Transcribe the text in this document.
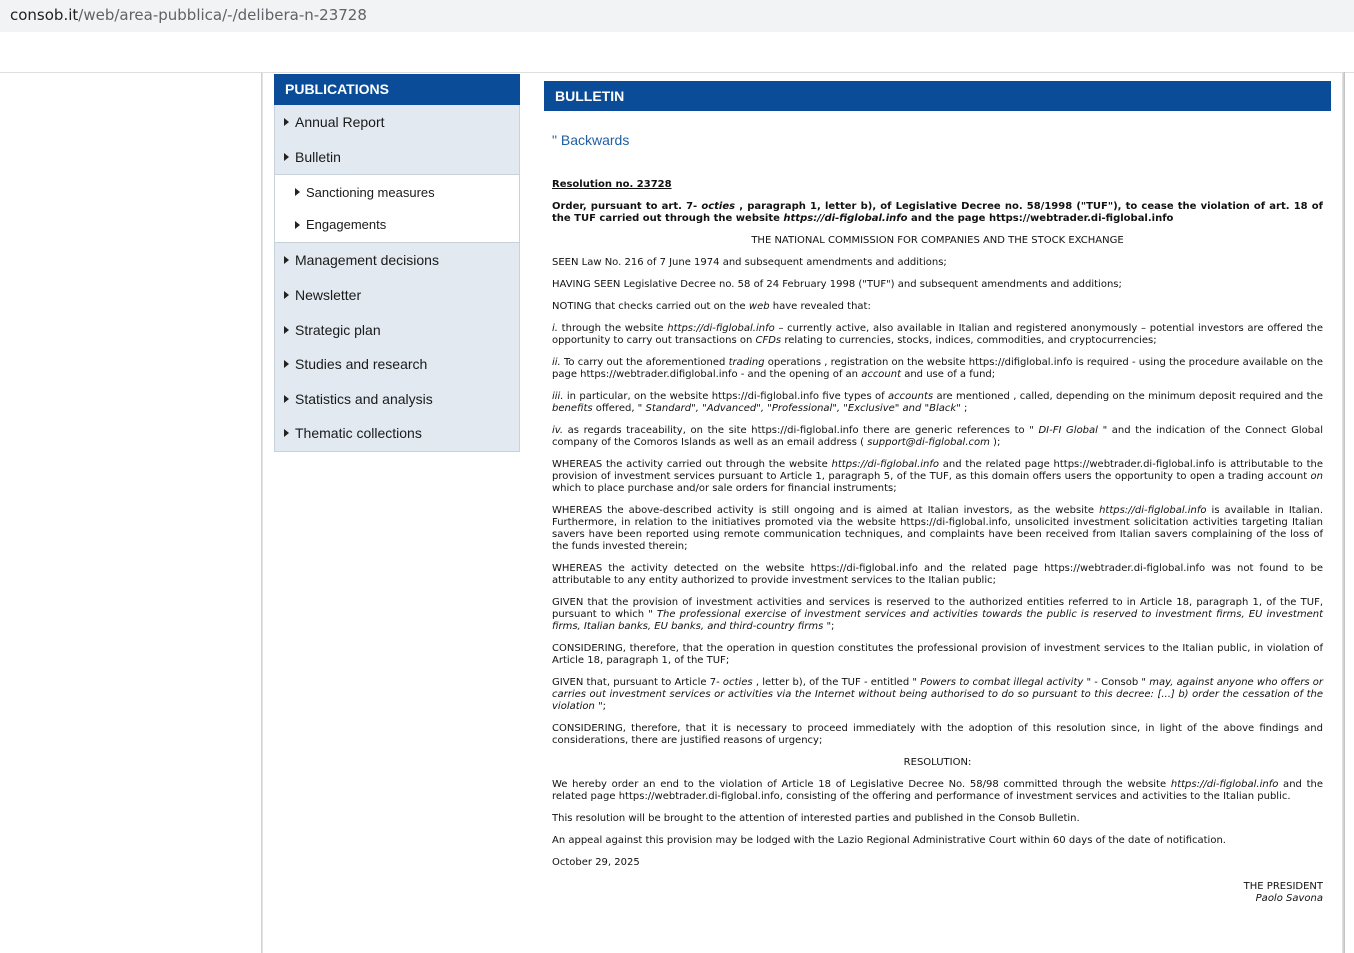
consob.it/web/area-pubblica/-/delibera-n-23728
PUBLICATIONS
Annual Report
Bulletin
Sanctioning measures
Engagements
Management decisions
Newsletter
Strategic plan
Studies and research
Statistics and analysis
Thematic collections
BULLETIN
" Backwards

Resolution no. 23728

Order, pursuant to art. 7- octies , paragraph 1, letter b), of Legislative Decree no. 58/1998 ("TUF"), to cease the violation of art. 18 of the TUF carried out through the website https://di-figlobal.info and the page https://webtrader.di-figlobal.info

THE NATIONAL COMMISSION FOR COMPANIES AND THE STOCK EXCHANGE

SEEN Law No. 216 of 7 June 1974 and subsequent amendments and additions;

HAVING SEEN Legislative Decree no. 58 of 24 February 1998 ("TUF") and subsequent amendments and additions;

NOTING that checks carried out on the web have revealed that:

i. through the website https://di-figlobal.info – currently active, also available in Italian and registered anonymously – potential investors are offered the opportunity to carry out transactions on CFDs relating to currencies, stocks, indices, commodities, and cryptocurrencies;

ii. To carry out the aforementioned trading operations , registration on the website https://difiglobal.info is required - using the procedure available on the page https://webtrader.difiglobal.info - and the opening of an account and use of a fund;

iii. in particular, on the website https://di-figlobal.info five types of accounts are mentioned , called, depending on the minimum deposit required and the benefits offered, " Standard", "Advanced", "Professional", "Exclusive" and "Black" ;

iv. as regards traceability, on the site https://di-figlobal.info there are generic references to " DI-FI Global " and the indication of the Connect Global company of the Comoros Islands as well as an email address ( support@di-figlobal.com );

WHEREAS the activity carried out through the website https://di-figlobal.info and the related page https://webtrader.di-figlobal.info is attributable to the provision of investment services pursuant to Article 1, paragraph 5, of the TUF, as this domain offers users the opportunity to open a trading account on which to place purchase and/or sale orders for financial instruments;

WHEREAS the above-described activity is still ongoing and is aimed at Italian investors, as the website https://di-figlobal.info is available in Italian. Furthermore, in relation to the initiatives promoted via the website https://di-figlobal.info, unsolicited investment solicitation activities targeting Italian savers have been reported using remote communication techniques, and complaints have been received from Italian savers complaining of the loss of the funds invested therein;

WHEREAS the activity detected on the website https://di-figlobal.info and the related page https://webtrader.di-figlobal.info was not found to be attributable to any entity authorized to provide investment services to the Italian public;

GIVEN that the provision of investment activities and services is reserved to the authorized entities referred to in Article 18, paragraph 1, of the TUF, pursuant to which " The professional exercise of investment services and activities towards the public is reserved to investment firms, EU investment firms, Italian banks, EU banks, and third-country firms ";

CONSIDERING, therefore, that the operation in question constitutes the professional provision of investment services to the Italian public, in violation of Article 18, paragraph 1, of the TUF;

GIVEN that, pursuant to Article 7- octies , letter b), of the TUF - entitled " Powers to combat illegal activity " - Consob " may, against anyone who offers or carries out investment services or activities via the Internet without being authorised to do so pursuant to this decree: [...] b) order the cessation of the violation ";

CONSIDERING, therefore, that it is necessary to proceed immediately with the adoption of this resolution since, in light of the above findings and considerations, there are justified reasons of urgency;

RESOLUTION:

We hereby order an end to the violation of Article 18 of Legislative Decree No. 58/98 committed through the website https://di-figlobal.info and the related page https://webtrader.di-figlobal.info, consisting of the offering and performance of investment services and activities to the Italian public.

This resolution will be brought to the attention of interested parties and published in the Consob Bulletin.

An appeal against this provision may be lodged with the Lazio Regional Administrative Court within 60 days of the date of notification.

October 29, 2025

THE PRESIDENT
Paolo Savona
